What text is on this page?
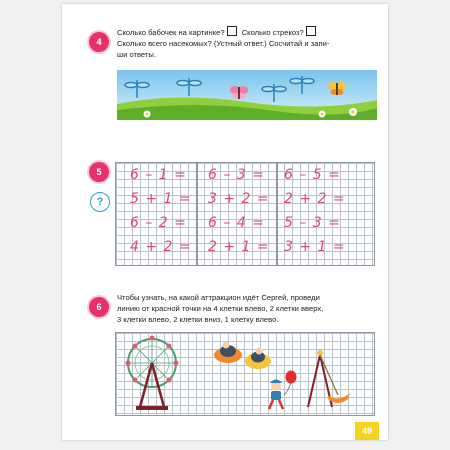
4
Сколько бабочек на картинке? Сколько стрекоз?
Сколько всего насекомых? (Устный ответ.) Сосчитай и запи-
ши ответы.
5
?
6 – 1 =
5 + 1 =
6 – 2 =
4 + 2 =
6 – 3 =
3 + 2 =
6 – 4 =
2 + 1 =
6 – 5 =
2 + 2 =
5 – 3 =
3 + 1 =
6
Чтобы узнать, на какой аттракцион идёт Сергей, проведи
линию от красной точки на 4 клетки влево, 2 клетки вверх,
3 клетки влево, 2 клетки вниз, 1 клетку влево.
49
